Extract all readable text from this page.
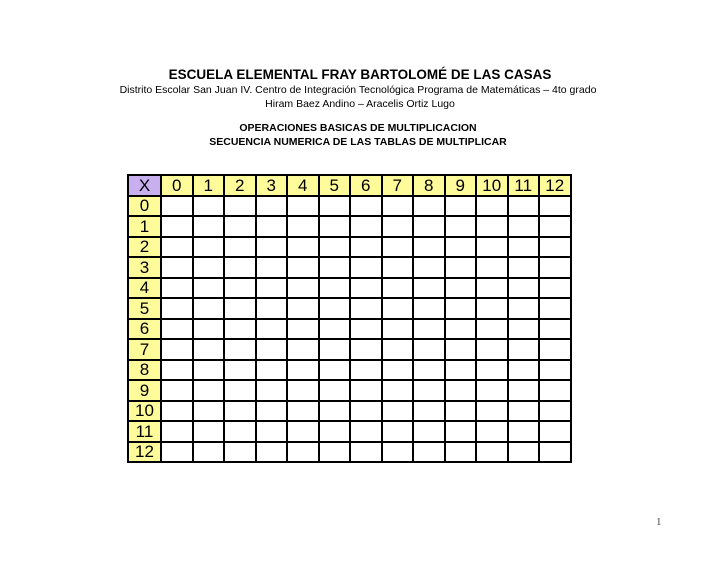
ESCUELA ELEMENTAL FRAY BARTOLOMÉ DE LAS CASAS
Distrito Escolar San Juan IV. Centro de Integración Tecnológica Programa de Matemáticas – 4to grado
Hiram Baez Andino – Aracelis Ortiz Lugo
OPERACIONES BASICAS DE MULTIPLICACION
SECUENCIA NUMERICA DE LAS TABLAS DE MULTIPLICAR
X	0	1	2	3	4	5	6	7	8	9	10	11	12
0													
1													
2													
3													
4													
5													
6													
7													
8													
9													
10													
11													
12													
1
